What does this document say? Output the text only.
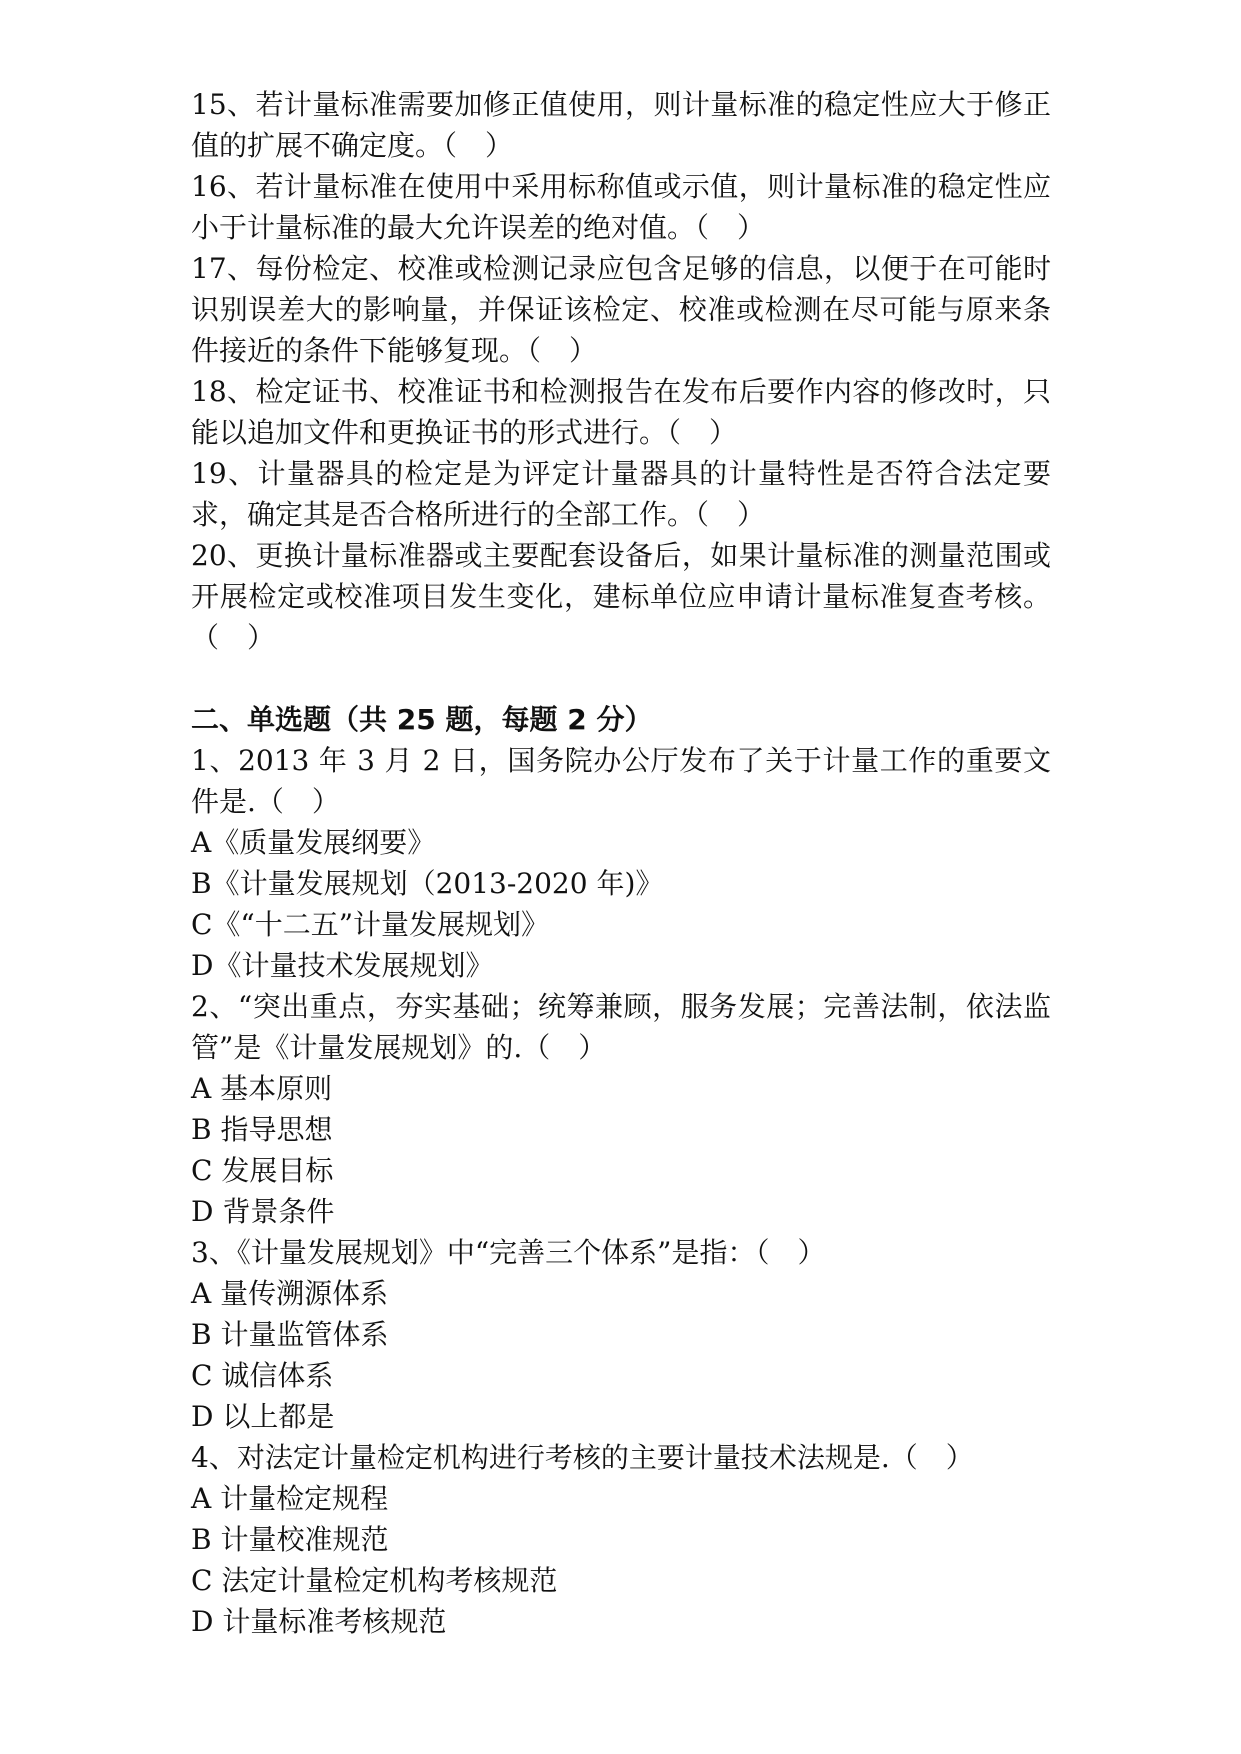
15、若计量标准需要加修正值使用，则计量标准的稳定性应大于修正值的扩展不确定度。（　）

16、若计量标准在使用中采用标称值或示值，则计量标准的稳定性应小于计量标准的最大允许误差的绝对值。（　）

17、每份检定、校准或检测记录应包含足够的信息，以便于在可能时识别误差大的影响量，并保证该检定、校准或检测在尽可能与原来条件接近的条件下能够复现。（　）

18、检定证书、校准证书和检测报告在发布后要作内容的修改时，只能以追加文件和更换证书的形式进行。（　）

19、计量器具的检定是为评定计量器具的计量特性是否符合法定要求，确定其是否合格所进行的全部工作。（　）

20、更换计量标准器或主要配套设备后，如果计量标准的测量范围或开展检定或校准项目发生变化，建标单位应申请计量标准复查考核。（　）

二、单选题（共 25 题，每题 2 分）

1、2013 年 3 月 2 日，国务院办公厅发布了关于计量工作的重要文件是.（　）

A《质量发展纲要》

B《计量发展规划（2013-2020 年)》

C《“十二五”计量发展规划》

D《计量技术发展规划》

2、“突出重点，夯实基础；统筹兼顾，服务发展；完善法制，依法监管”是《计量发展规划》的.（　）

A 基本原则

B 指导思想

C 发展目标

D 背景条件

3、《计量发展规划》中“完善三个体系”是指：（　）

A 量传溯源体系

B 计量监管体系

C 诚信体系

D 以上都是

4、对法定计量检定机构进行考核的主要计量技术法规是.（　）

A 计量检定规程

B 计量校准规范

C 法定计量检定机构考核规范

D 计量标准考核规范
